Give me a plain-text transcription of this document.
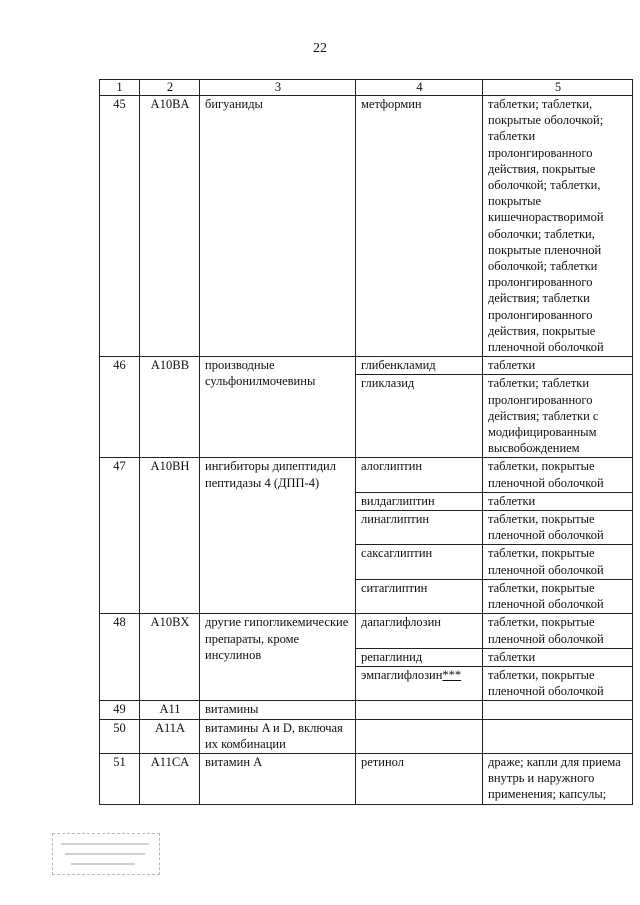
22
1	2	3	4	5
45	A10BA	бигуаниды	метформин	таблетки; таблетки, покрытые оболочкой; таблетки пролонгированного действия, покрытые оболочкой; таблетки, покрытые кишечнорастворимой оболочки; таблетки, покрытые пленочной оболочкой; таблетки пролонгированного действия; таблетки пролонгированного действия, покрытые пленочной оболочкой
46	A10BB	производные сульфонилмочевины	глибенкламид	таблетки
			гликлазид	таблетки; таблетки пролонгированного действия; таблетки с модифицированным высвобождением
47	A10BH	ингибиторы дипептидил пептидазы 4 (ДПП-4)	алоглиптин	таблетки, покрытые пленочной оболочкой
			вилдаглиптин	таблетки
			линаглиптин	таблетки, покрытые пленочной оболочкой
			саксаглиптин	таблетки, покрытые пленочной оболочкой
			ситаглиптин	таблетки, покрытые пленочной оболочкой
48	A10BX	другие гипогликемические препараты, кроме инсулинов	дапаглифлозин	таблетки, покрытые пленочной оболочкой
			репаглинид	таблетки
			эмпаглифлозин***	таблетки, покрытые пленочной оболочкой
49	A11	витамины		
50	A11A	витамины A и D, включая их комбинации		
51	A11CA	витамин A	ретинол	драже; капли для приема внутрь и наружного применения; капсулы;
